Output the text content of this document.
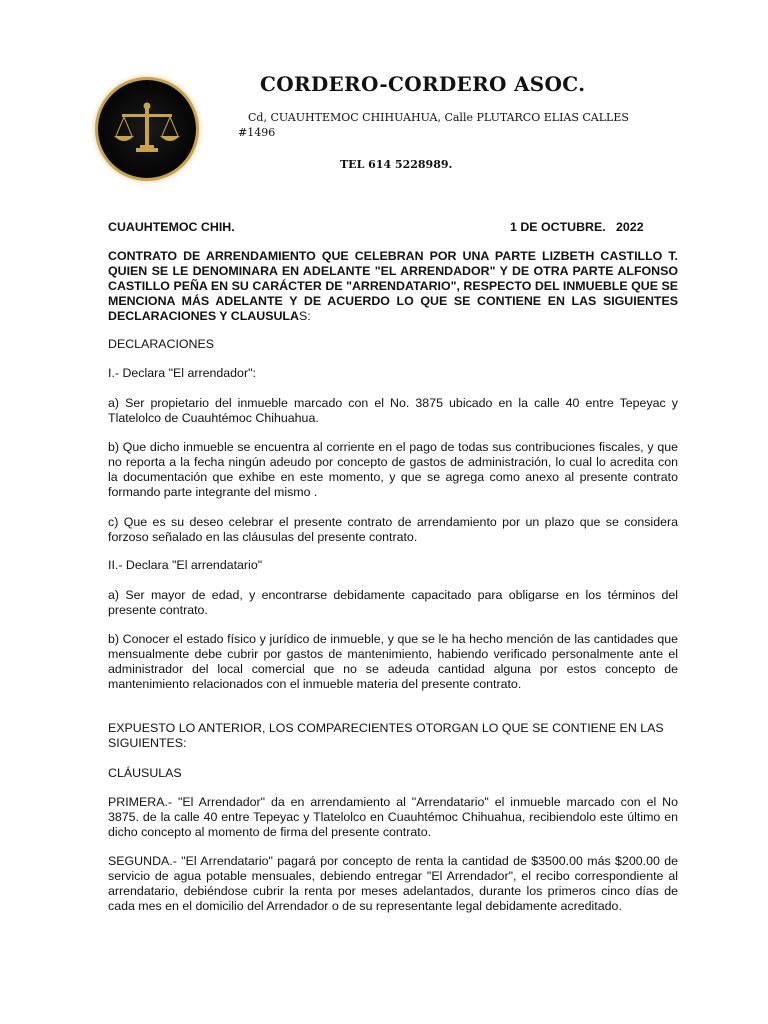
CORDERO-CORDERO ASOC.
Cd, CUAUHTEMOC CHIHUAHUA, Calle PLUTARCO ELIAS CALLES #1496
TEL 614 5228989.
CUAUHTEMOC CHIH.	1 DE OCTUBRE.   2022
CONTRATO DE ARRENDAMIENTO QUE CELEBRAN POR UNA PARTE LIZBETH CASTILLO T. QUIEN SE LE DENOMINARA EN ADELANTE "EL ARRENDADOR" Y DE OTRA PARTE ALFONSO CASTILLO PEÑA EN SU CARÁCTER DE "ARRENDATARIO", RESPECTO DEL INMUEBLE QUE SE MENCIONA MÁS ADELANTE Y DE ACUERDO LO QUE SE CONTIENE EN LAS SIGUIENTES DECLARACIONES Y CLAUSULAS:
DECLARACIONES
I.- Declara "El arrendador":
a) Ser propietario del inmueble marcado con el No. 3875 ubicado en la calle 40 entre Tepeyac y Tlatelolco de Cuauhtémoc Chihuahua.
b) Que dicho inmueble se encuentra al corriente en el pago de todas sus contribuciones fiscales, y que no reporta a la fecha ningún adeudo por concepto de gastos de administración, lo cual lo acredita con la documentación que exhibe en este momento, y que se agrega como anexo al presente contrato formando parte integrante del mismo .
c) Que es su deseo celebrar el presente contrato de arrendamiento por un plazo que se considera forzoso señalado en las cláusulas del presente contrato.
II.- Declara "El arrendatario"
a) Ser mayor de edad, y encontrarse debidamente capacitado para obligarse en los términos del presente contrato.
b) Conocer el estado físico y jurídico de inmueble, y que se le ha hecho mención de las cantidades que mensualmente debe cubrir por gastos de mantenimiento, habiendo verificado personalmente ante el administrador del local comercial que no se adeuda cantidad alguna por estos concepto de mantenimiento relacionados con el inmueble materia del presente contrato.
EXPUESTO LO ANTERIOR, LOS COMPARECIENTES OTORGAN LO QUE SE CONTIENE EN LAS SIGUIENTES:
CLÁUSULAS
PRIMERA.- "El Arrendador" da en arrendamiento al "Arrendatario" el inmueble marcado con el No 3875. de la calle 40 entre Tepeyac y Tlatelolco en Cuauhtémoc Chihuahua, recibiendolo este último en dicho concepto al momento de firma del presente contrato.
SEGUNDA.- "El Arrendatario" pagará por concepto de renta la cantidad de $3500.00 más $200.00 de servicio de agua potable mensuales, debiendo entregar "El Arrendador", el recibo correspondiente al arrendatario, debiéndose cubrir la renta por meses adelantados, durante los primeros cinco días de cada mes en el domicilio del Arrendador o de su representante legal debidamente acreditado.
